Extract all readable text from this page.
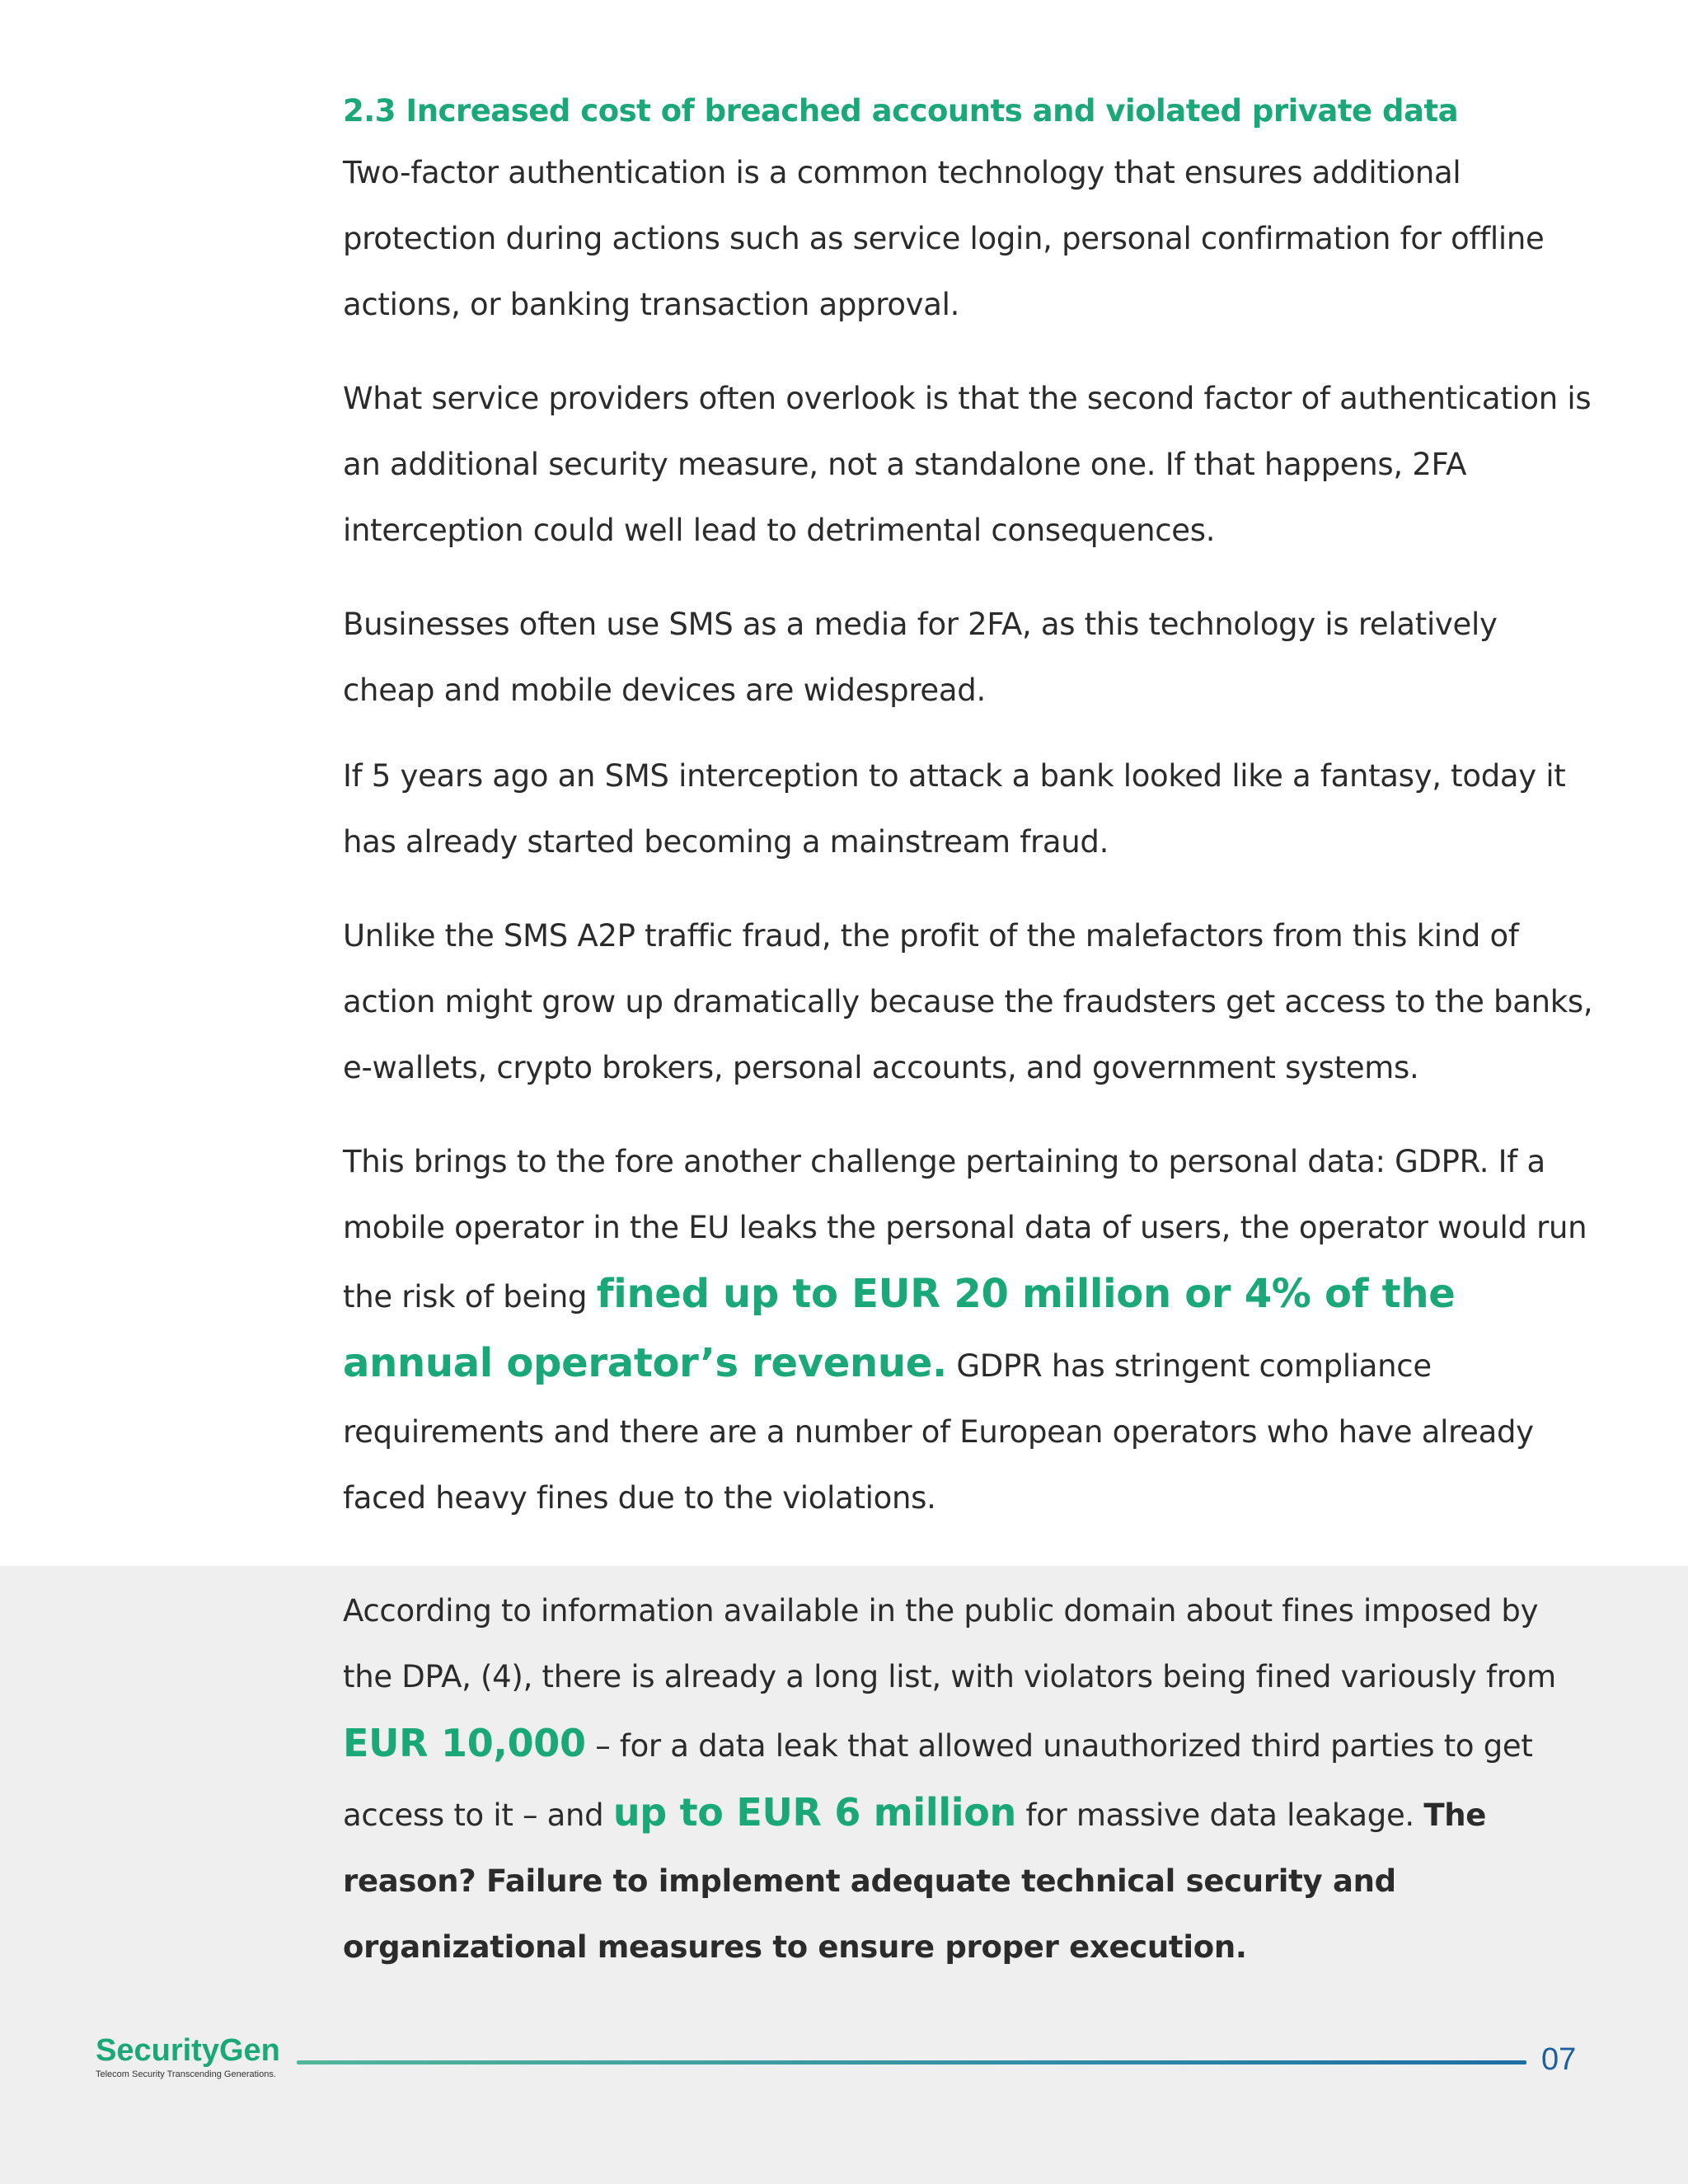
2.3 Increased cost of breached accounts and violated private data

Two-factor authentication is a common technology that ensures additional protection during actions such as service login, personal confirmation for offline actions, or banking transaction approval.

What service providers often overlook is that the second factor of authentication is an additional security measure, not a standalone one. If that happens, 2FA interception could well lead to detrimental consequences.

Businesses often use SMS as a media for 2FA, as this technology is relatively cheap and mobile devices are widespread.

If 5 years ago an SMS interception to attack a bank looked like a fantasy, today it has already started becoming a mainstream fraud.

Unlike the SMS A2P traffic fraud, the profit of the malefactors from this kind of action might grow up dramatically because the fraudsters get access to the banks, e-wallets, crypto brokers, personal accounts, and government systems.

This brings to the fore another challenge pertaining to personal data: GDPR. If a mobile operator in the EU leaks the personal data of users, the operator would run the risk of being fined up to EUR 20 million or 4% of the annual operator’s revenue. GDPR has stringent compliance requirements and there are a number of European operators who have already faced heavy fines due to the violations.

According to information available in the public domain about fines imposed by the DPA, (4), there is already a long list, with violators being fined variously from EUR 10,000 – for a data leak that allowed unauthorized third parties to get access to it – and up to EUR 6 million for massive data leakage. The reason? Failure to implement adequate technical security and organizational measures to ensure proper execution.

SecurityGen
Telecom Security Transcending Generations.	07
